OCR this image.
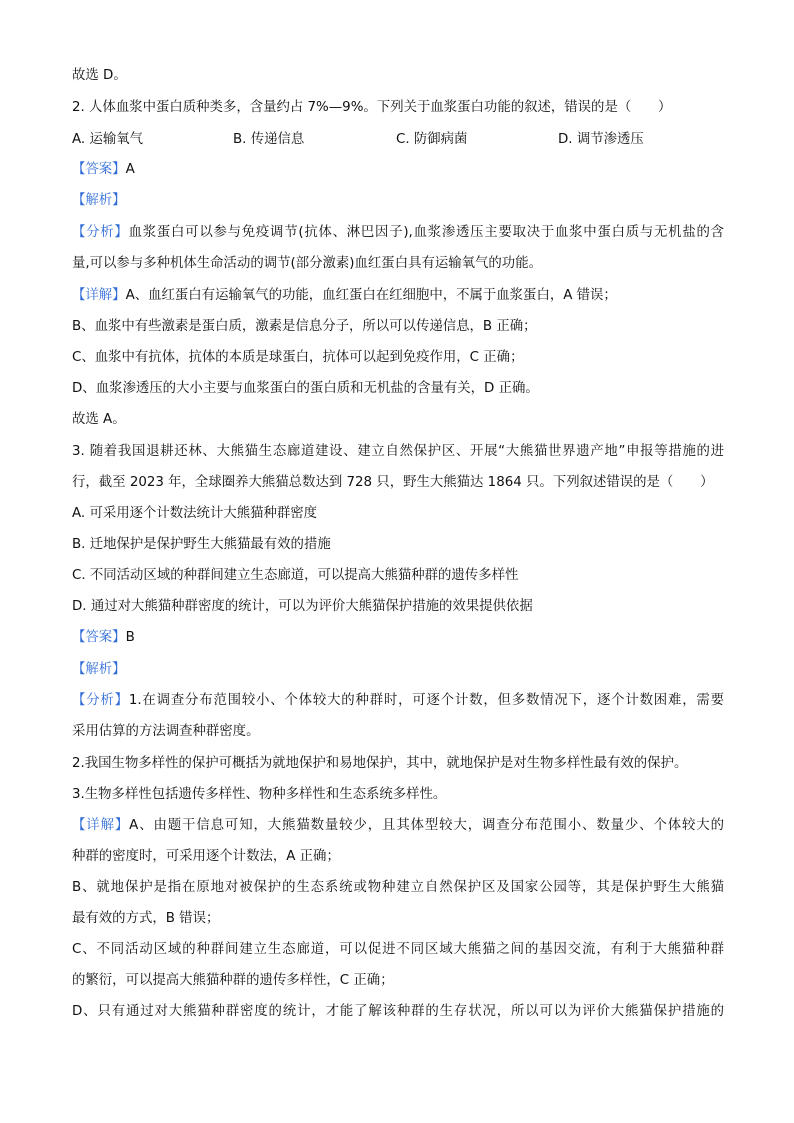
故选 D。
2. 人体血浆中蛋白质种类多，含量约占 7%—9%。下列关于血浆蛋白功能的叙述，错误的是（　　）
A. 运输氧气	B. 传递信息	C. 防御病菌	D. 调节渗透压
【答案】A
【解析】
【分析】血浆蛋白可以参与免疫调节(抗体、淋巴因子),血浆渗透压主要取决于血浆中蛋白质与无机盐的含
量,可以参与多种机体生命活动的调节(部分激素)血红蛋白具有运输氧气的功能。
【详解】A、血红蛋白有运输氧气的功能，血红蛋白在红细胞中，不属于血浆蛋白，A 错误；
B、血浆中有些激素是蛋白质，激素是信息分子，所以可以传递信息，B 正确；
C、血浆中有抗体，抗体的本质是球蛋白，抗体可以起到免疫作用，C 正确；
D、血浆渗透压的大小主要与血浆蛋白的蛋白质和无机盐的含量有关，D 正确。
故选 A。
3. 随着我国退耕还林、大熊猫生态廊道建设、建立自然保护区、开展“大熊猫世界遗产地”申报等措施的进
行，截至 2023 年，全球圈养大熊猫总数达到 728 只，野生大熊猫达 1864 只。下列叙述错误的是（　　）
A. 可采用逐个计数法统计大熊猫种群密度
B. 迁地保护是保护野生大熊猫最有效的措施
C. 不同活动区域的种群间建立生态廊道，可以提高大熊猫种群的遗传多样性
D. 通过对大熊猫种群密度的统计，可以为评价大熊猫保护措施的效果提供依据
【答案】B
【解析】
【分析】1.在调查分布范围较小、个体较大的种群时，可逐个计数，但多数情况下，逐个计数困难，需要
采用估算的方法调查种群密度。
2.我国生物多样性的保护可概括为就地保护和易地保护，其中，就地保护是对生物多样性最有效的保护。
3.生物多样性包括遗传多样性、物种多样性和生态系统多样性。
【详解】A、由题干信息可知，大熊猫数量较少，且其体型较大，调查分布范围小、数量少、个体较大的
种群的密度时，可采用逐个计数法，A 正确；
B、就地保护是指在原地对被保护的生态系统或物种建立自然保护区及国家公园等，其是保护野生大熊猫
最有效的方式，B 错误；
C、不同活动区域的种群间建立生态廊道，可以促进不同区域大熊猫之间的基因交流，有利于大熊猫种群
的繁衍，可以提高大熊猫种群的遗传多样性，C 正确；
D、只有通过对大熊猫种群密度的统计，才能了解该种群的生存状况，所以可以为评价大熊猫保护措施的
